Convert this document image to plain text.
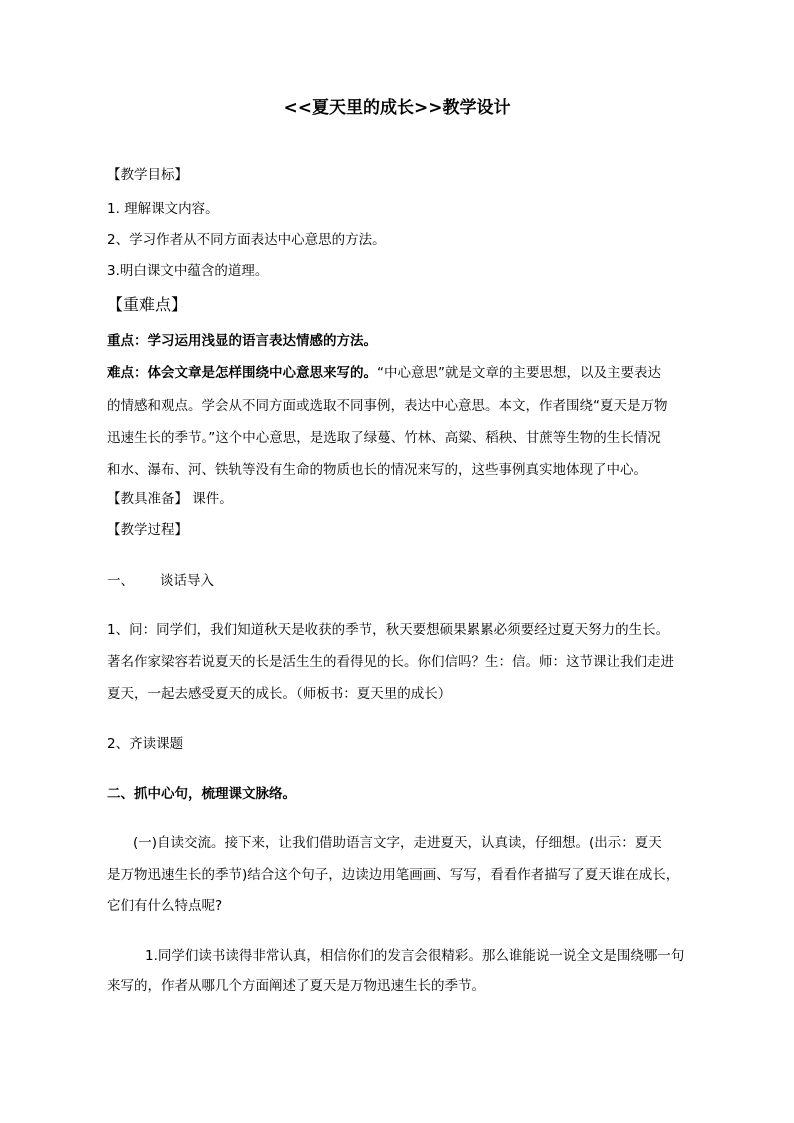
<<夏天里的成长>>教学设计
【教学目标】
1. 理解课文内容。
2、学习作者从不同方面表达中心意思的方法。
3.明白课文中蕴含的道理。
【重难点】
重点：学习运用浅显的语言表达情感的方法。
难点：体会文章是怎样围绕中心意思来写的。“中心意思”就是文章的主要思想，以及主要表达
的情感和观点。学会从不同方面或选取不同事例，表达中心意思。本文，作者围绕“夏天是万物
迅速生长的季节。”这个中心意思，是选取了绿蔓、竹林、高粱、稻秧、甘蔗等生物的生长情况
和水、瀑布、河、铁轨等没有生命的物质也长的情况来写的，这些事例真实地体现了中心。
【教具准备】 课件。
【教学过程】
一、 谈话导入
1、问：同学们，我们知道秋天是收获的季节，秋天要想硕果累累必须要经过夏天努力的生长。
著名作家梁容若说夏天的长是活生生的看得见的长。你们信吗？生：信。师：这节课让我们走进
夏天，一起去感受夏天的成长。（师板书：夏天里的成长）
2、齐读课题
二、抓中心句，梳理课文脉络。
(一)自读交流。接下来，让我们借助语言文字，走进夏天，认真读，仔细想。(出示：夏天
是万物迅速生长的季节)结合这个句子，边读边用笔画画、写写，看看作者描写了夏天谁在成长，
它们有什么特点呢?
1.同学们读书读得非常认真，相信你们的发言会很精彩。那么谁能说一说全文是围绕哪一句
来写的，作者从哪几个方面阐述了夏天是万物迅速生长的季节。
